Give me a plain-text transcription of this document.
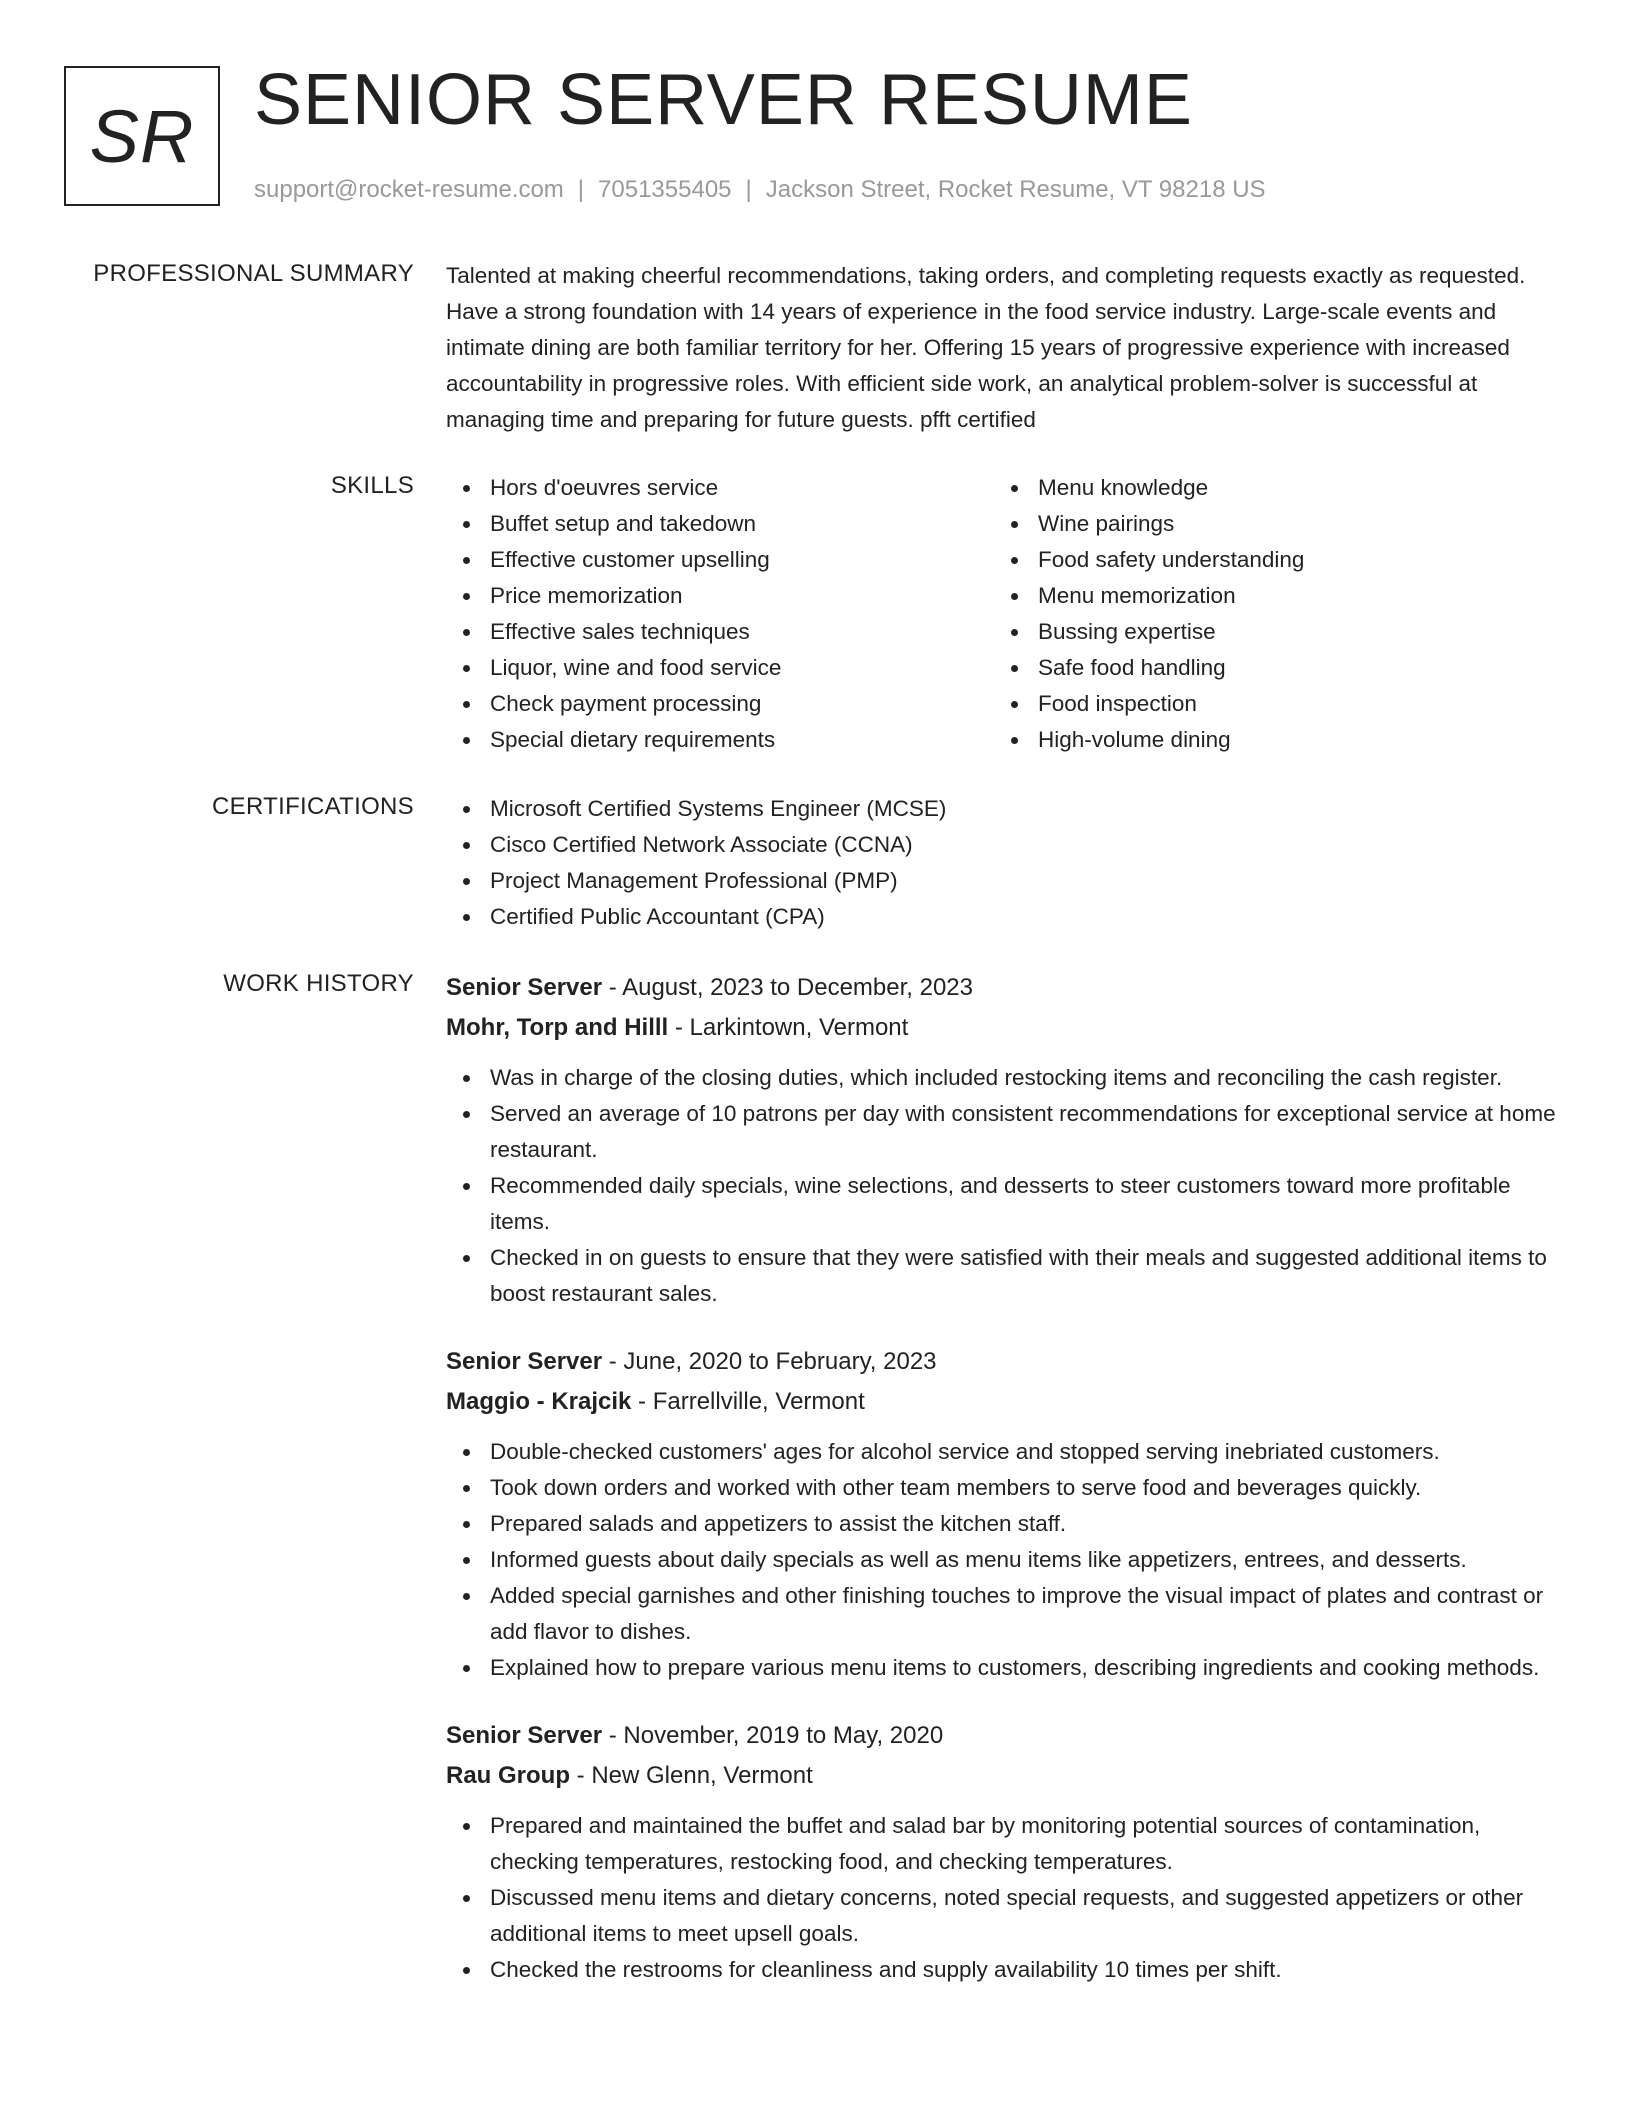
SR SENIOR SERVER RESUME
support@rocket-resume.com | 7051355405 | Jackson Street, Rocket Resume, VT 98218 US
PROFESSIONAL SUMMARY Talented at making cheerful recommendations, taking orders, and completing requests exactly as requested. Have a strong foundation with 14 years of experience in the food service industry. Large-scale events and intimate dining are both familiar territory for her. Offering 15 years of progressive experience with increased accountability in progressive roles. With efficient side work, an analytical problem-solver is successful at managing time and preparing for future guests. pfft certified

SKILLS	Hors d'oeuvres service
Buffet setup and takedown
Effective customer upselling
Price memorization
Effective sales techniques
Liquor, wine and food service
Check payment processing
Special dietary requirements
Menu knowledge
Wine pairings
Food safety understanding
Menu memorization
Bussing expertise
Safe food handling
Food inspection
High-volume dining
CERTIFICATIONS	Microsoft Certified Systems Engineer (MCSE)
Cisco Certified Network Associate (CCNA)
Project Management Professional (PMP)
Certified Public Accountant (CPA)
WORK HISTORY Senior Server - August, 2023 to December, 2023
Mohr, Torp and Hilll - Larkintown, Vermont
Was in charge of the closing duties, which included restocking items and reconciling the cash register.
Served an average of 10 patrons per day with consistent recommendations for exceptional service at home restaurant.
Recommended daily specials, wine selections, and desserts to steer customers toward more profitable items.
Checked in on guests to ensure that they were satisfied with their meals and suggested additional items to boost restaurant sales.
Senior Server - June, 2020 to February, 2023
Maggio - Krajcik - Farrellville, Vermont
Double-checked customers' ages for alcohol service and stopped serving inebriated customers.
Took down orders and worked with other team members to serve food and beverages quickly.
Prepared salads and appetizers to assist the kitchen staff.
Informed guests about daily specials as well as menu items like appetizers, entrees, and desserts.
Added special garnishes and other finishing touches to improve the visual impact of plates and contrast or add flavor to dishes.
Explained how to prepare various menu items to customers, describing ingredients and cooking methods.
Senior Server - November, 2019 to May, 2020
Rau Group - New Glenn, Vermont
Prepared and maintained the buffet and salad bar by monitoring potential sources of contamination, checking temperatures, restocking food, and checking temperatures.
Discussed menu items and dietary concerns, noted special requests, and suggested appetizers or other additional items to meet upsell goals.
Checked the restrooms for cleanliness and supply availability 10 times per shift.
